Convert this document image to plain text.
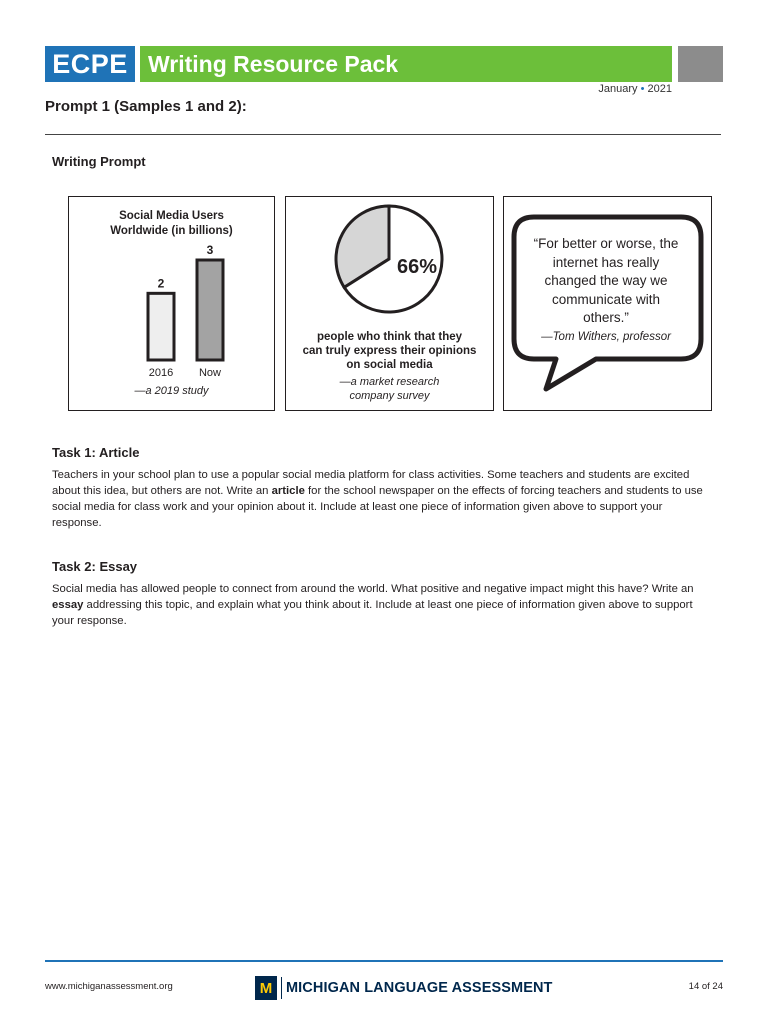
ECPE Writing Resource Pack
January • 2021
Prompt 1 (Samples 1 and 2):
Writing Prompt
Social Media Users
Worldwide (in billions)
2
2016
3
Now
—a 2019 study
66%
people who think that they
can truly express their opinions
on social media
—a market research
company survey
“For better or worse, the internet has really changed the way we communicate with others.”
—Tom Withers, professor
Task 1: Article
Teachers in your school plan to use a popular social media platform for class activities. Some teachers and students are excited about this idea, but others are not. Write an article for the school newspaper on the effects of forcing teachers and students to use social media for class work and your opinion about it. Include at least one piece of information given above to support your response.
Task 2: Essay
Social media has allowed people to connect from around the world. What positive and negative impact might this have? Write an essay addressing this topic, and explain what you think about it. Include at least one piece of information given above to support your response.
www.michiganassessment.org	M MICHIGAN LANGUAGE ASSESSMENT	14 of 24
